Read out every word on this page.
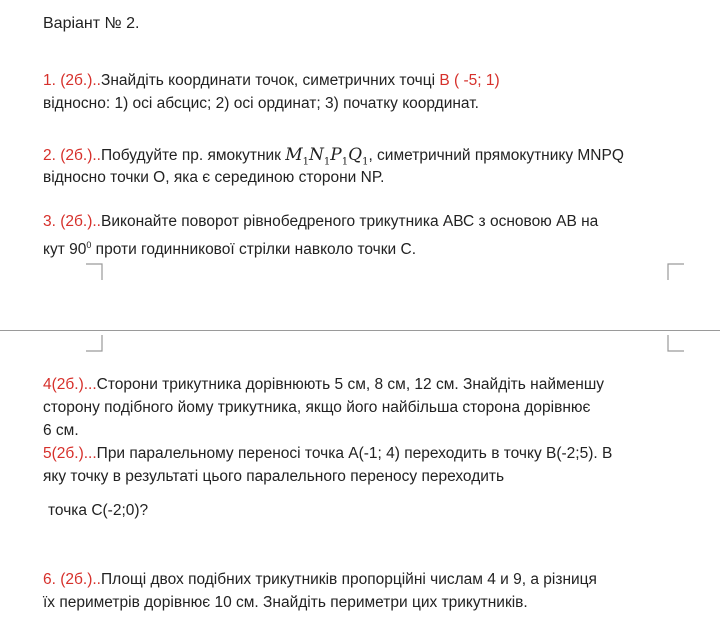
Варіант № 2.
1. (2б.)..Знайдіть координати точок, симетричних точці В ( -5; 1)
відносно: 1) осі абсцис; 2) осі ординат; 3) початку координат.
2. (2б.)..Побудуйте пр. ямокутник $M_1N_1P_1Q_1$, симетричний прямокутнику MNPQ
відносно точки О, яка є серединою сторони NP.
3. (2б.)..Виконайте поворот рівнобедреного трикутника АВС з основою АВ на
кут $90^0$ проти годинникової стрілки навколо точки С.
4(2б.)...Сторони трикутника дорівнюють 5 см, 8 см, 12 см. Знайдіть найменшу
сторону подібного йому трикутника, якщо його найбільша сторона дорівнює
6 см.
5(2б.)...При паралельному переносі точка А(-1; 4) переходить в точку В(-2;5). В
яку точку в результаті цього паралельного переносу переходить
точка С(-2;0)?
6. (2б.)..Площі двох подібних трикутників пропорційні числам 4 и 9, а різниця
їх периметрів дорівнює 10 см. Знайдіть периметри цих трикутників.
